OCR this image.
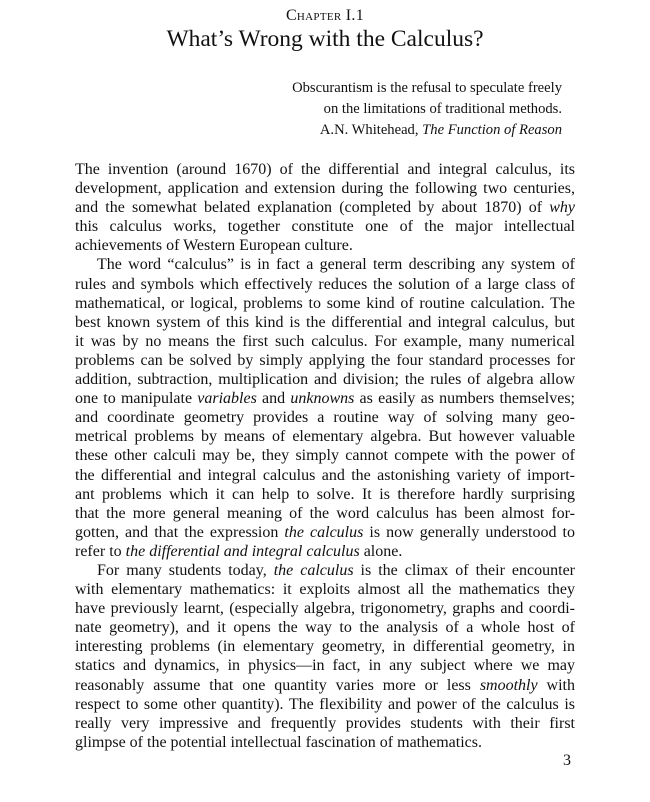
Chapter I.1
What’s Wrong with the Calculus?
Obscurantism is the refusal to speculate freely
on the limitations of traditional methods.
A.N. Whitehead, The Function of Reason
The invention (around 1670) of the differential and integral calculus, its
development, application and extension during the following two centuries,
and the somewhat belated explanation (completed by about 1870) of why
this calculus works, together constitute one of the major intellectual
achievements of Western European culture.
The word “calculus” is in fact a general term describing any system of
rules and symbols which effectively reduces the solution of a large class of
mathematical, or logical, problems to some kind of routine calculation. The
best known system of this kind is the differential and integral calculus, but
it was by no means the first such calculus. For example, many numerical
problems can be solved by simply applying the four standard processes for
addition, subtraction, multiplication and division; the rules of algebra allow
one to manipulate variables and unknowns as easily as numbers themselves;
and coordinate geometry provides a routine way of solving many geo-
metrical problems by means of elementary algebra. But however valuable
these other calculi may be, they simply cannot compete with the power of
the differential and integral calculus and the astonishing variety of import-
ant problems which it can help to solve. It is therefore hardly surprising
that the more general meaning of the word calculus has been almost for-
gotten, and that the expression the calculus is now generally understood to
refer to the differential and integral calculus alone.
For many students today, the calculus is the climax of their encounter
with elementary mathematics: it exploits almost all the mathematics they
have previously learnt, (especially algebra, trigonometry, graphs and coordi-
nate geometry), and it opens the way to the analysis of a whole host of
interesting problems (in elementary geometry, in differential geometry, in
statics and dynamics, in physics—in fact, in any subject where we may
reasonably assume that one quantity varies more or less smoothly with
respect to some other quantity). The flexibility and power of the calculus is
really very impressive and frequently provides students with their first
glimpse of the potential intellectual fascination of mathematics.
3
